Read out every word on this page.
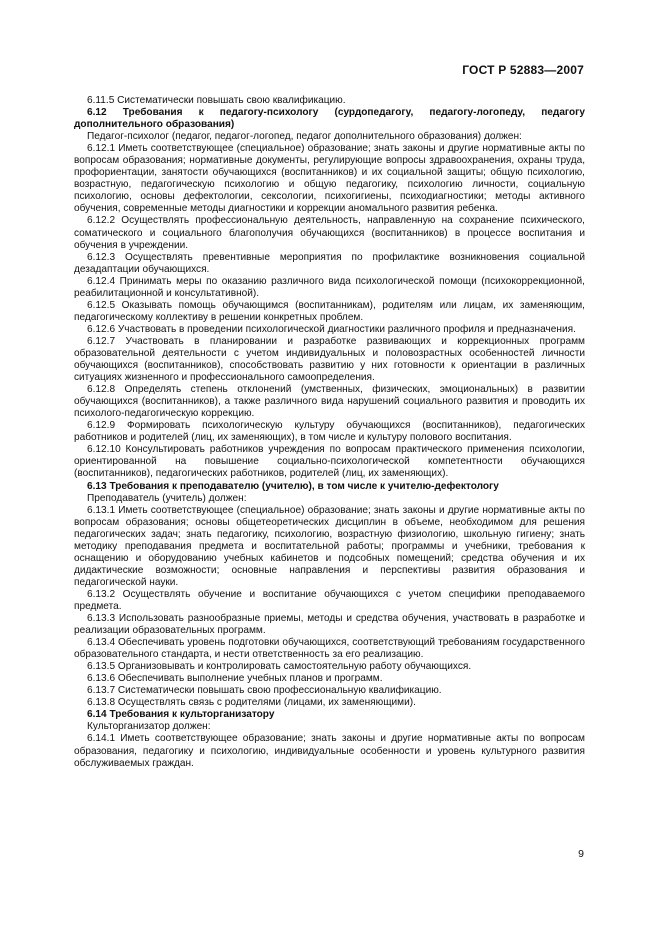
ГОСТ Р 52883—2007

6.11.5 Систематически повышать свою квалификацию.

6.12 Требования к педагогу-психологу (сурдопедагогу, педагогу-логопеду, педагогу дополнительного образования)

Педагог-психолог (педагог, педагог-логопед, педагог дополнительного образования) должен:

6.12.1 Иметь соответствующее (специальное) образование; знать законы и другие нормативные акты по вопросам образования; нормативные документы, регулирующие вопросы здравоохранения, охраны труда, профориентации, занятости обучающихся (воспитанников) и их социальной защиты; общую психологию, возрастную, педагогическую психологию и общую педагогику, психологию личности, социальную психологию, основы дефектологии, сексологии, психогигиены, психодиагностики; методы активного обучения, современные методы диагностики и коррекции аномального развития ребенка.

6.12.2 Осуществлять профессиональную деятельность, направленную на сохранение психического, соматического и социального благополучия обучающихся (воспитанников) в процессе воспитания и обучения в учреждении.

6.12.3 Осуществлять превентивные мероприятия по профилактике возникновения социальной дезадаптации обучающихся.

6.12.4 Принимать меры по оказанию различного вида психологической помощи (психокоррекционной, реабилитационной и консультативной).

6.12.5 Оказывать помощь обучающимся (воспитанникам), родителям или лицам, их заменяющим, педагогическому коллективу в решении конкретных проблем.

6.12.6 Участвовать в проведении психологической диагностики различного профиля и предназначения.

6.12.7 Участвовать в планировании и разработке развивающих и коррекционных программ образовательной деятельности с учетом индивидуальных и половозрастных особенностей личности обучающихся (воспитанников), способствовать развитию у них готовности к ориентации в различных ситуациях жизненного и профессионального самоопределения.

6.12.8 Определять степень отклонений (умственных, физических, эмоциональных) в развитии обучающихся (воспитанников), а также различного вида нарушений социального развития и проводить их психолого-педагогическую коррекцию.

6.12.9 Формировать психологическую культуру обучающихся (воспитанников), педагогических работников и родителей (лиц, их заменяющих), в том числе и культуру полового воспитания.

6.12.10 Консультировать работников учреждения по вопросам практического применения психологии, ориентированной на повышение социально-психологической компетентности обучающихся (воспитанников), педагогических работников, родителей (лиц, их заменяющих).

6.13 Требования к преподавателю (учителю), в том числе к учителю-дефектологу

Преподаватель (учитель) должен:

6.13.1 Иметь соответствующее (специальное) образование; знать законы и другие нормативные акты по вопросам образования; основы общетеоретических дисциплин в объеме, необходимом для решения педагогических задач; знать педагогику, психологию, возрастную физиологию, школьную гигиену; знать методику преподавания предмета и воспитательной работы; программы и учебники, требования к оснащению и оборудованию учебных кабинетов и подсобных помещений; средства обучения и их дидактические возможности; основные направления и перспективы развития образования и педагогической науки.

6.13.2 Осуществлять обучение и воспитание обучающихся с учетом специфики преподаваемого предмета.

6.13.3 Использовать разнообразные приемы, методы и средства обучения, участвовать в разработке и реализации образовательных программ.

6.13.4 Обеспечивать уровень подготовки обучающихся, соответствующий требованиям государственного образовательного стандарта, и нести ответственность за его реализацию.

6.13.5 Организовывать и контролировать самостоятельную работу обучающихся.

6.13.6 Обеспечивать выполнение учебных планов и программ.

6.13.7 Систематически повышать свою профессиональную квалификацию.

6.13.8 Осуществлять связь с родителями (лицами, их заменяющими).

6.14 Требования к культорганизатору

Культорганизатор должен:

6.14.1 Иметь соответствующее образование; знать законы и другие нормативные акты по вопросам образования, педагогику и психологию, индивидуальные особенности и уровень культурного развития обслуживаемых граждан.

9
